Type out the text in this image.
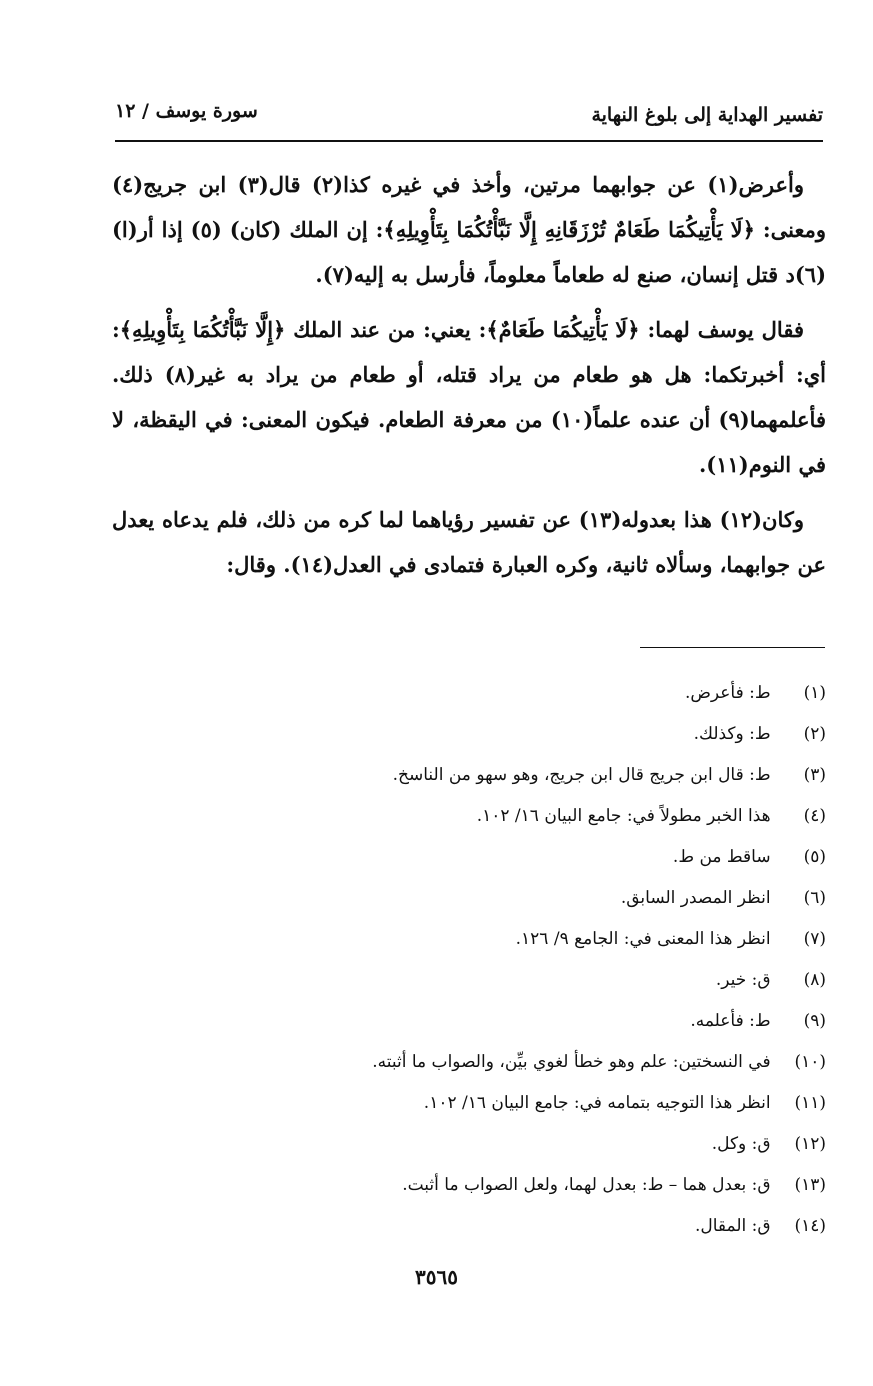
تفسير الهداية إلى بلوغ النهاية
سورة يوسف / ١٢

وأعرض(١) عن جوابهما مرتين، وأخذ في غيره كذا(٢) قال(٣) ابن جريج(٤) ومعنى: ﴿لَا يَأْتِيكُمَا طَعَامٌ تُرْزَقَانِهِ إِلَّا نَبَّأْتُكُمَا بِتَأْوِيلِهِ﴾: إن الملك (كان) (٥) إذا أر(ا) (٦)د قتل إنسان، صنع له طعاماً معلوماً، فأرسل به إليه(٧).

فقال يوسف لهما: ﴿لَا يَأْتِيكُمَا طَعَامٌ﴾: يعني: من عند الملك ﴿إِلَّا نَبَّأْتُكُمَا بِتَأْوِيلِهِ﴾: أي: أخبرتكما: هل هو طعام من يراد قتله، أو طعام من يراد به غير(٨) ذلك. فأعلمهما(٩) أن عنده علماً(١٠) من معرفة الطعام. فيكون المعنى: في اليقظة، لا في النوم(١١).

وكان(١٢) هذا بعدوله(١٣) عن تفسير رؤياهما لما كره من ذلك، فلم يدعاه يعدل عن جوابهما، وسألاه ثانية، وكره العبارة فتمادى في العدل(١٤). وقال:

(١) ط: فأعرض.
(٢) ط: وكذلك.
(٣) ط: قال ابن جريج قال ابن جريج، وهو سهو من الناسخ.
(٤) هذا الخبر مطولاً في: جامع البيان ١٦/ ١٠٢.
(٥) ساقط من ط.
(٦) انظر المصدر السابق.
(٧) انظر هذا المعنى في: الجامع ٩/ ١٢٦.
(٨) ق: خير.
(٩) ط: فأعلمه.
(١٠) في النسختين: علم وهو خطأ لغوي بيِّن، والصواب ما أثبته.
(١١) انظر هذا التوجيه بتمامه في: جامع البيان ١٦/ ١٠٢.
(١٢) ق: وكل.
(١٣) ق: بعدل هما – ط: بعدل لهما، ولعل الصواب ما أثبت.
(١٤) ق: المقال.
٣٥٦٥
